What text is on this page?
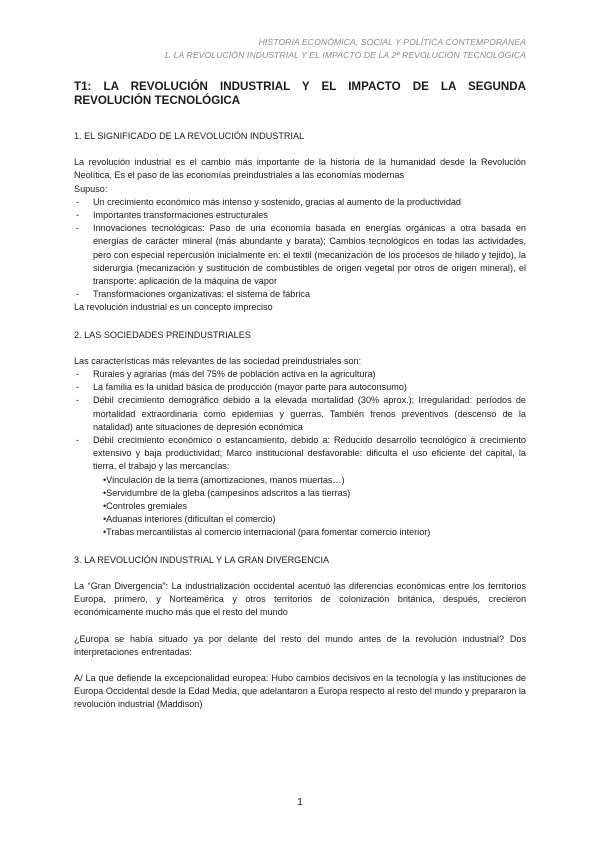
HISTORIA ECONÓMICA, SOCIAL Y POLÍTICA CONTEMPORÁNEA
1. LA REVOLUCIÓN INDUSTRIAL Y EL IMPACTO DE LA 2ª REVOLUCIÓN TECNOLÓGICA
T1: LA REVOLUCIÓN INDUSTRIAL Y EL IMPACTO DE LA SEGUNDA REVOLUCIÓN TECNOLÓGICA
1. EL SIGNIFICADO DE LA REVOLUCIÓN INDUSTRIAL

La revolución industrial es el cambio más importante de la historia de la humanidad desde la Revolución Neolítica. Es el paso de las economías preindustriales a las economías modernas

Supuso:

- Un crecimiento económico más intenso y sostenido, gracias al aumento de la productividad
- Importantes transformaciones estructurales
- Innovaciones tecnológicas: Paso de una economía basada en energías orgánicas a otra basada en energías de carácter mineral (más abundante y barata); Cambios tecnológicos en todas las actividades, pero con especial repercusión inicialmente en: el textil (mecanización de los procesos de hilado y tejido), la siderurgia (mecanización y sustitución de combustibles de origen vegetal por otros de origen mineral), el transporte: aplicación de la máquina de vapor
- Transformaciones organizativas: el sistema de fábrica

La revolución industrial es un concepto impreciso

2. LAS SOCIEDADES PREINDUSTRIALES

Las características más relevantes de las sociedad preindustriales son:

- Rurales y agrarias (más del 75% de población activa en la agricultura)
- La familia es la unidad básica de producción (mayor parte para autoconsumo)
- Débil crecimiento demográfico debido a la elevada mortalidad (30% aprox.); Irregularidad: períodos de mortalidad extraordinaria como epidemias y guerras. También frenos preventivos (descenso de la natalidad) ante situaciones de depresión económica
- Débil crecimiento económico o estancamiento, debido a: Reducido desarrollo tecnológico à crecimiento extensivo y baja productividad; Marco institucional desfavorable: dificulta el uso eficiente del capital, la tierra, el trabajo y las mercancías:
•Vinculación de la tierra (amortizaciones, manos muertas…)
•Servidumbre de la gleba (campesinos adscritos a las tierras)
•Controles gremiales
•Aduanas interiores (dificultan el comercio)
•Trabas mercantilistas al comercio internacional (para fomentar comercio interior)
3. LA REVOLUCIÓN INDUSTRIAL Y LA GRAN DIVERGENCIA

La “Gran Divergencia”: La industrialización occidental acentuó las diferencias económicas entre los territorios Europa, primero, y Norteamérica y otros territorios de colonización británica, después, crecieron económicamente mucho más que el resto del mundo

¿Europa se había situado ya por delante del resto del mundo antes de la revolución industrial? Dos interpretaciones enfrentadas:

A/ La que defiende la excepcionalidad europea: Hubo cambios decisivos en la tecnología y las instituciones de Europa Occidental desde la Edad Media, que adelantaron a Europa respecto al resto del mundo y prepararon la revolución industrial (Maddison)

1
